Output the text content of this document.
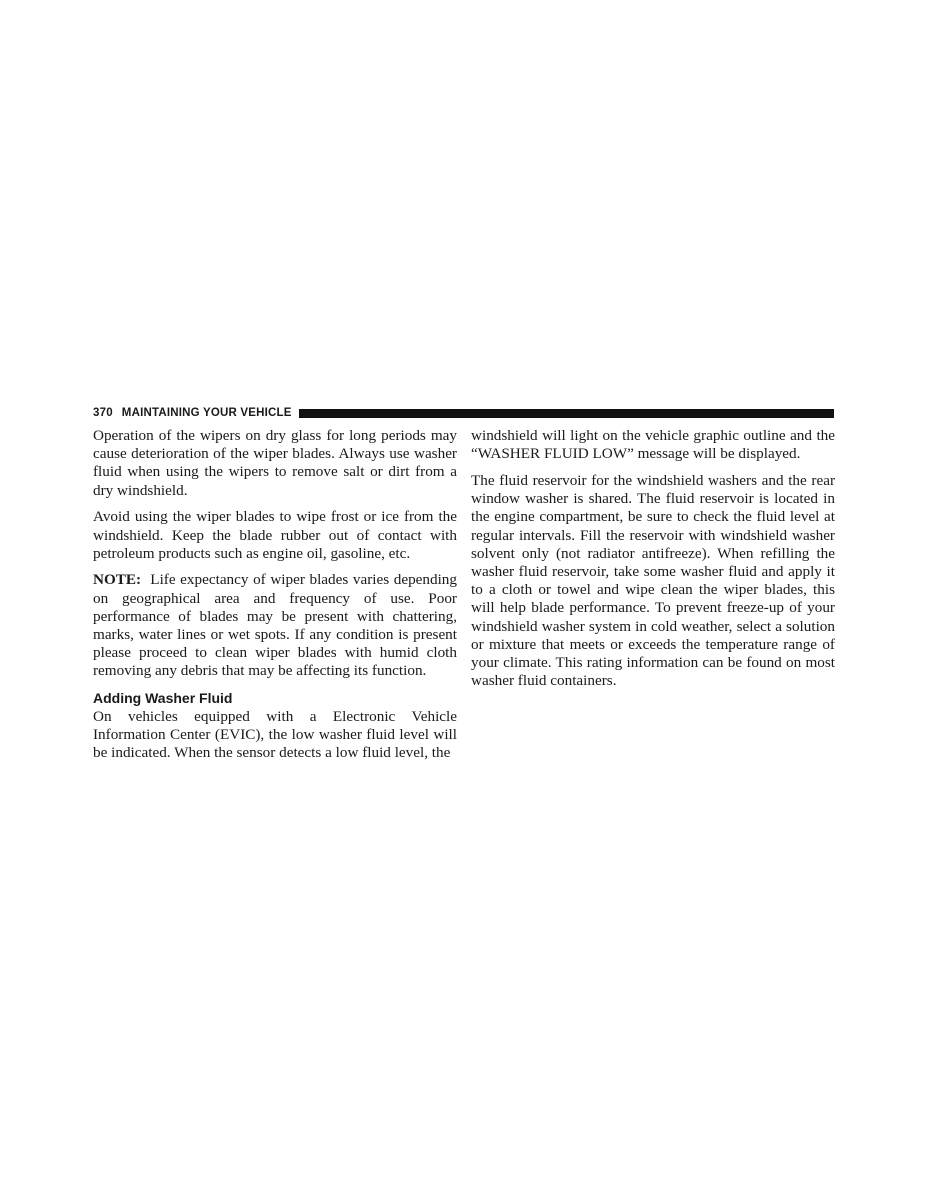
370 MAINTAINING YOUR VEHICLE

Operation of the wipers on dry glass for long periods may cause deterioration of the wiper blades. Always use washer fluid when using the wipers to remove salt or dirt from a dry windshield.

Avoid using the wiper blades to wipe frost or ice from the windshield. Keep the blade rubber out of contact with petroleum products such as engine oil, gasoline, etc.

NOTE: Life expectancy of wiper blades varies depending on geographical area and frequency of use. Poor performance of blades may be present with chattering, marks, water lines or wet spots. If any condition is present please proceed to clean wiper blades with humid cloth removing any debris that may be affecting its function.

Adding Washer Fluid

On vehicles equipped with a Electronic Vehicle Information Center (EVIC), the low washer fluid level will be indicated. When the sensor detects a low fluid level, the

windshield will light on the vehicle graphic outline and the “WASHER FLUID LOW” message will be displayed.

The fluid reservoir for the windshield washers and the rear window washer is shared. The fluid reservoir is located in the engine compartment, be sure to check the fluid level at regular intervals. Fill the reservoir with windshield washer solvent only (not radiator antifreeze). When refilling the washer fluid reservoir, take some washer fluid and apply it to a cloth or towel and wipe clean the wiper blades, this will help blade performance. To prevent freeze-up of your windshield washer system in cold weather, select a solution or mixture that meets or exceeds the temperature range of your climate. This rating information can be found on most washer fluid containers.
